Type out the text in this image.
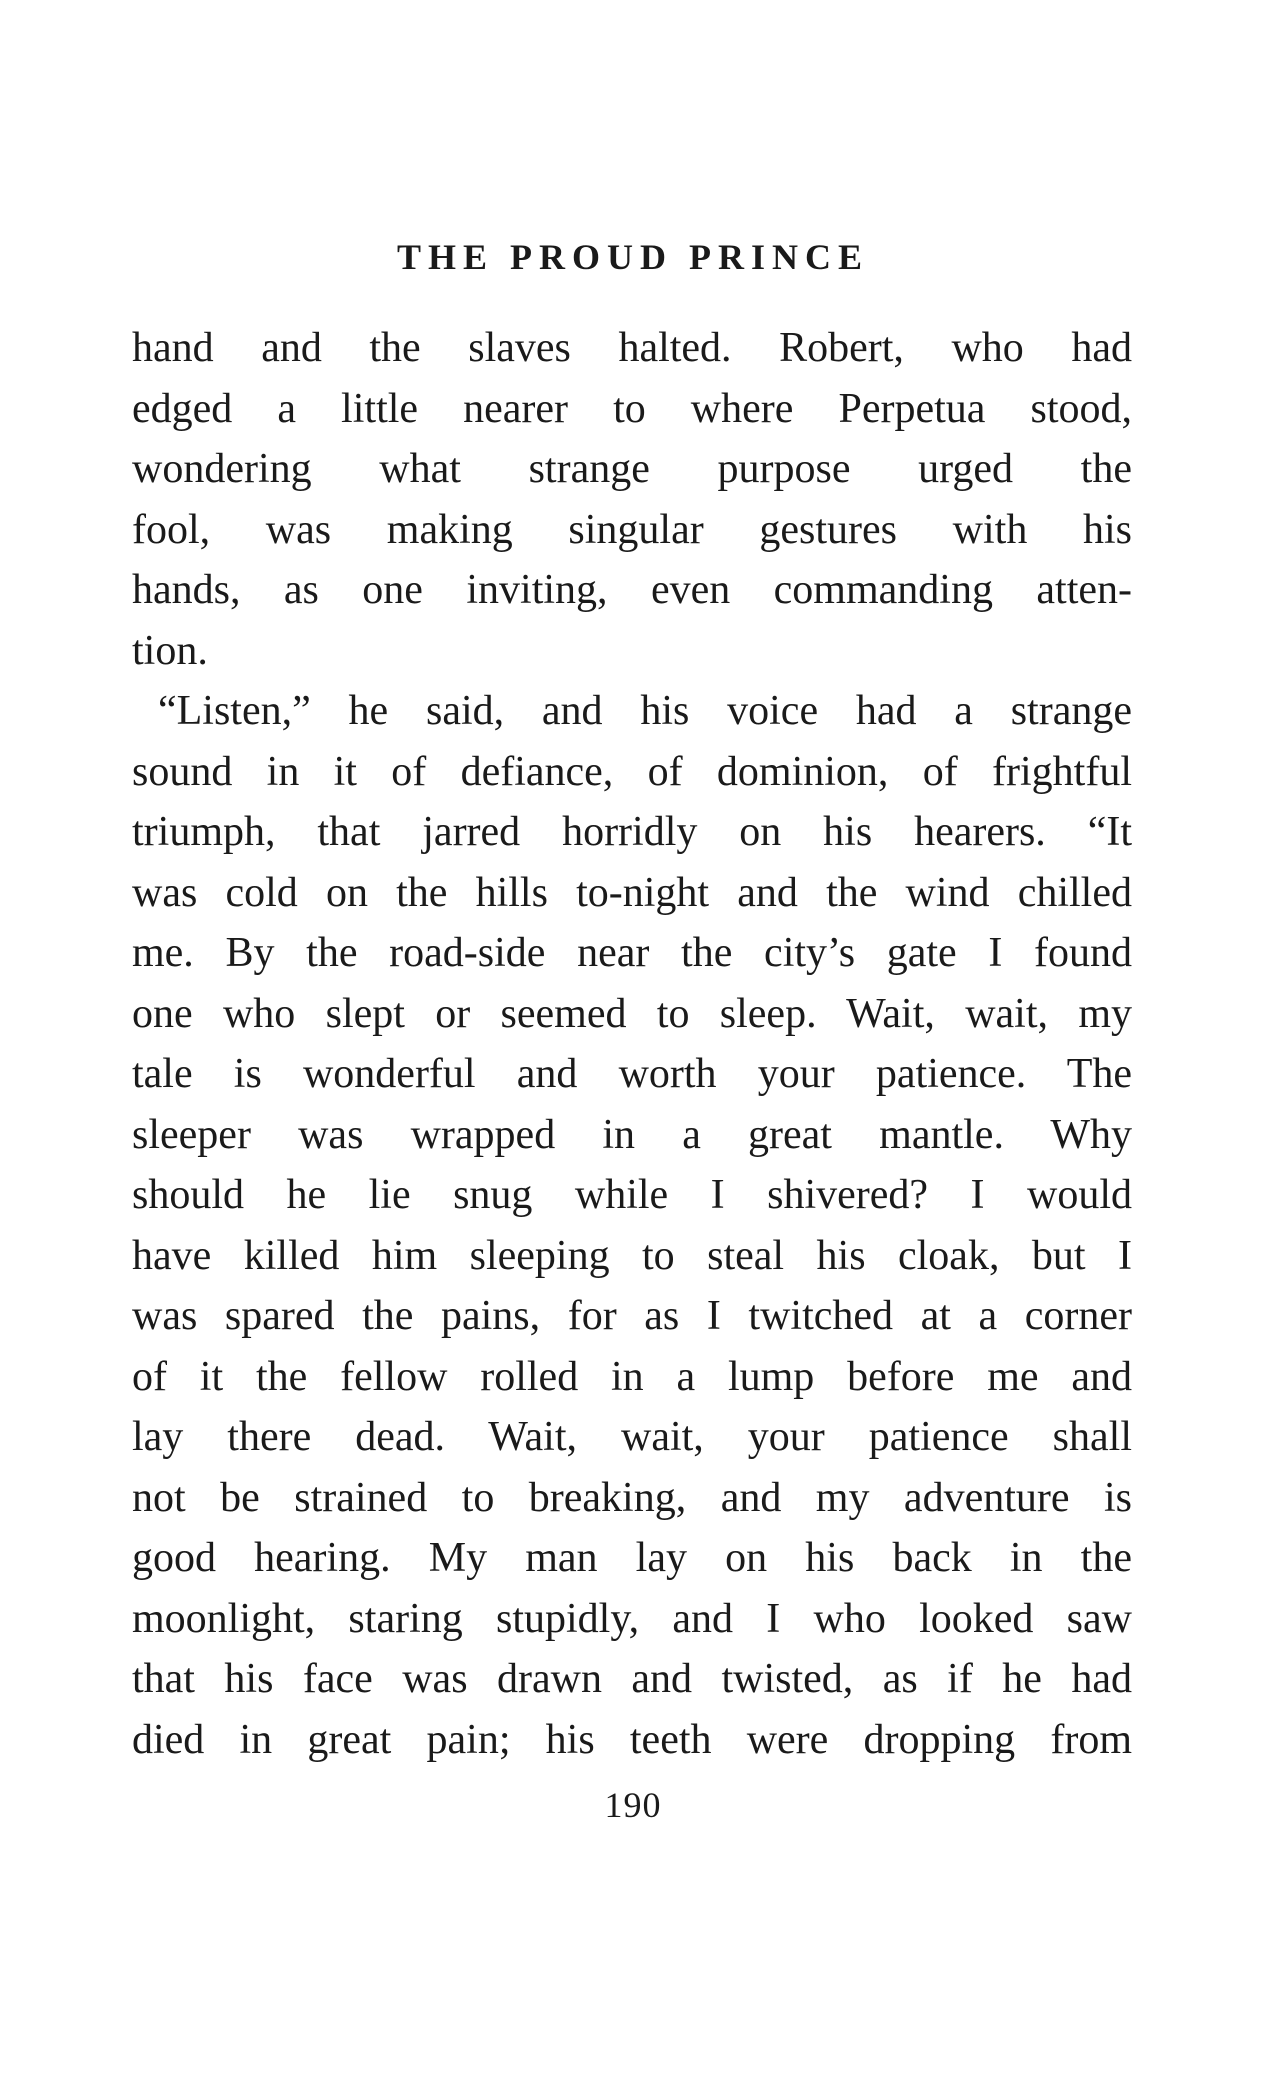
THE PROUD PRINCE
hand and the slaves halted. Robert, who had
edged a little nearer to where Perpetua stood,
wondering what strange purpose urged the
fool, was making singular gestures with his
hands, as one inviting, even commanding atten-
tion.
“Listen,” he said, and his voice had a strange
sound in it of defiance, of dominion, of frightful
triumph, that jarred horridly on his hearers. “It
was cold on the hills to-night and the wind chilled
me. By the road-side near the city’s gate I found
one who slept or seemed to sleep. Wait, wait, my
tale is wonderful and worth your patience. The
sleeper was wrapped in a great mantle. Why
should he lie snug while I shivered? I would
have killed him sleeping to steal his cloak, but I
was spared the pains, for as I twitched at a corner
of it the fellow rolled in a lump before me and
lay there dead. Wait, wait, your patience shall
not be strained to breaking, and my adventure is
good hearing. My man lay on his back in the
moonlight, staring stupidly, and I who looked saw
that his face was drawn and twisted, as if he had
died in great pain; his teeth were dropping from
190
